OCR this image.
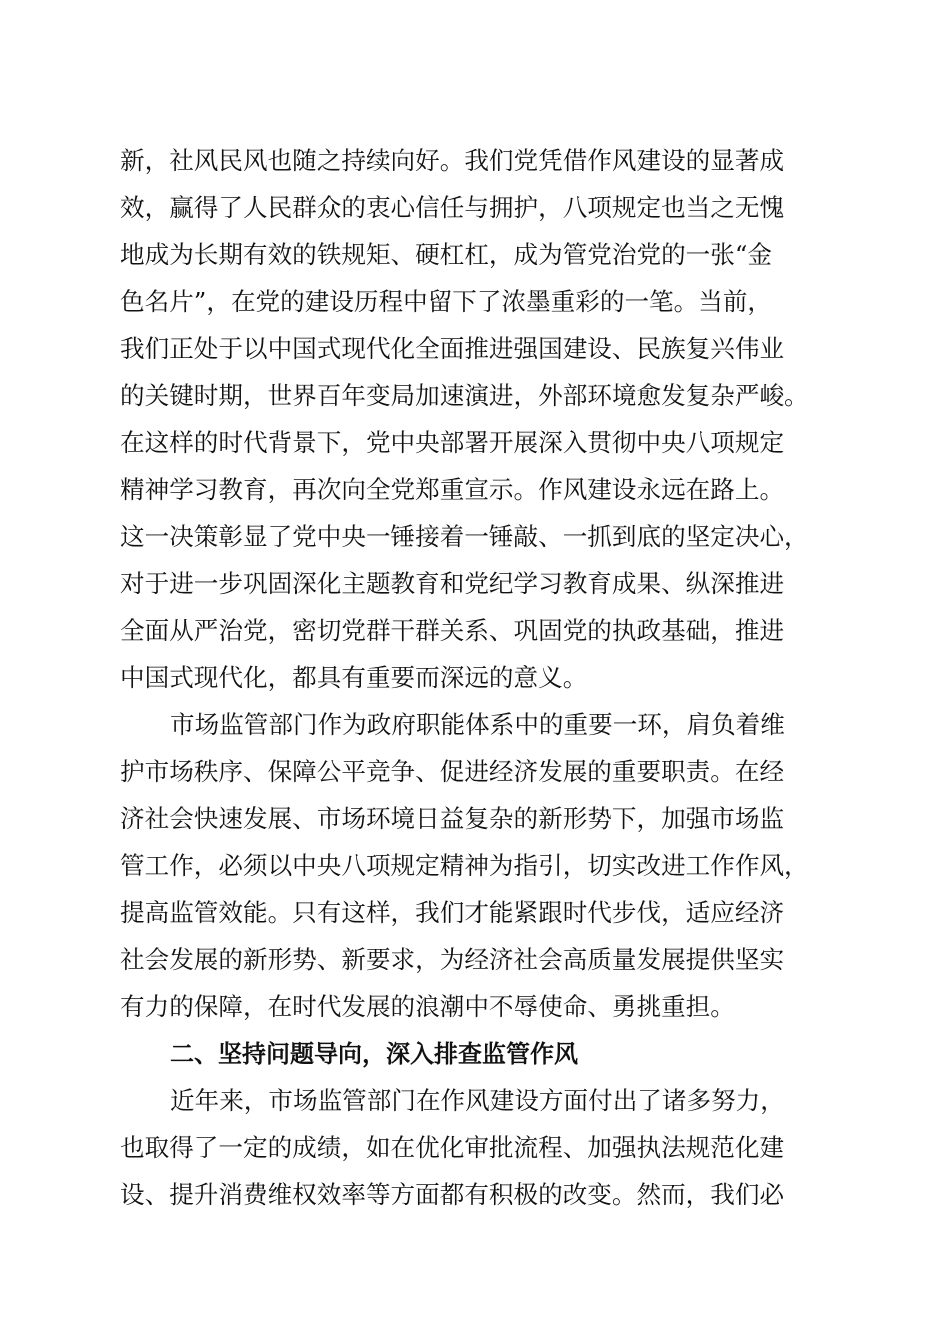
新，社风民风也随之持续向好。我们党凭借作风建设的显著成
效，赢得了人民群众的衷心信任与拥护，八项规定也当之无愧
地成为长期有效的铁规矩、硬杠杠，成为管党治党的一张“金
色名片”，在党的建设历程中留下了浓墨重彩的一笔。当前，
我们正处于以中国式现代化全面推进强国建设、民族复兴伟业
的关键时期，世界百年变局加速演进，外部环境愈发复杂严峻。
在这样的时代背景下，党中央部署开展深入贯彻中央八项规定
精神学习教育，再次向全党郑重宣示。作风建设永远在路上。
这一决策彰显了党中央一锤接着一锤敲、一抓到底的坚定决心，
对于进一步巩固深化主题教育和党纪学习教育成果、纵深推进
全面从严治党，密切党群干群关系、巩固党的执政基础，推进
中国式现代化，都具有重要而深远的意义。
市场监管部门作为政府职能体系中的重要一环，肩负着维
护市场秩序、保障公平竞争、促进经济发展的重要职责。在经
济社会快速发展、市场环境日益复杂的新形势下，加强市场监
管工作，必须以中央八项规定精神为指引，切实改进工作作风，
提高监管效能。只有这样，我们才能紧跟时代步伐，适应经济
社会发展的新形势、新要求，为经济社会高质量发展提供坚实
有力的保障，在时代发展的浪潮中不辱使命、勇挑重担。
二、坚持问题导向，深入排查监管作风
近年来，市场监管部门在作风建设方面付出了诸多努力，
也取得了一定的成绩，如在优化审批流程、加强执法规范化建
设、提升消费维权效率等方面都有积极的改变。然而，我们必
